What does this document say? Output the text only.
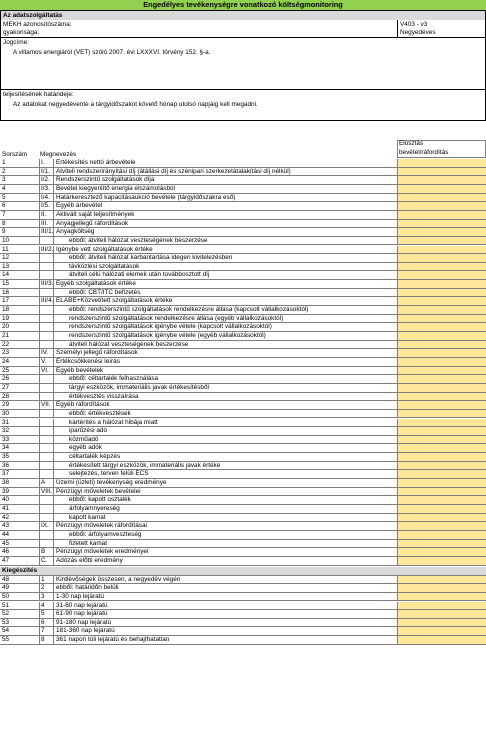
Engedélyes tevékenységre vonatkozó költségmonitoring
Az adatszolgáltatás
MEKH azonosítószáma:	V403 - v3
gyakorisága:	Negyedéves
Jogcíme:
A villamos energiáról (VET) szóló 2007. évi LXXXVI. törvény 152. §-a.
teljesítésének határideje:
Az adatokat negyedévente a tárgyidőszakot követő hónap utolsó napjáig kell megadni.
Elosztás
bevétel/ráfordítás
Sorszám Megnevezés
1	I.	Értékesítés nettó árbevétele
2	I/1. Átviteli rendszerirányítási díj (átállási díj és szénipari szerkezetátalakítási díj nélkül)
3	I/2. Rendszerszintű szolgáltatások díja
4	I/3. Bevétel kiegyenlítő energia elszámolásból
5	I/4. Határkeresztező kapacitásaukció bevétele (tárgyidőszakra eső)
6	I/5. Egyéb árbevétel
7	II.	Aktivált saját teljesítmények
8	III.	Anyagjellegű ráfordítások
9	III/1. Anyagköltség
10	ebből: átviteli hálózat veszteségének beszerzése
11	III/2. Igénybe vett szolgáltatások értéke
12	ebből: átviteli hálózat karbantartása idegen kivitelezésben
13	távközlési szolgáltatások
14	átviteli célú hálózati elemek után továbbosztott díj
15	III/3. Egyéb szolgáltatások értéke
16	ebből: CBT/ITC befizetés
17	III/4. ELÁBÉ+Közvetített szolgáltatások értéke
18	ebből: rendszerszintű szolgáltatások rendelkezésre állása (kapcsolt vállalkozásoktól)
19	rendszerszintű szolgáltatások rendelkezésre állása (egyéb vállalkozásoktól)
20	rendszerszintű szolgáltatások igénybe vétele (kapcsolt vállalkozásoktól)
21	rendszerszintű szolgáltatások igénybe vétele (egyéb vállalkozásoktól)
22	átviteli hálózat veszteségének beszerzése
23	IV.	Személyi jellegű ráfordítások
24	V.	Értékcsökkenési leírás
25	VI.	Egyéb bevételek
26	ebből: céltartalék felhasználása
27	tárgyi eszközök, immateriális javak értékesítésből
28	értékvesztés visszaírása
29	VII. Egyéb ráfordítások
30	ebből: értékvesztések
31	kártérítés a hálózat hibája miatt
32	iparűzési adó
33	közműadó
34	egyéb adók
35	céltartalék képzés
36	értékesített tárgyi eszközök, immateriális javak értéke
37	selejtezés, terven felüli ÉCS
38	A	Üzemi (üzleti) tevékenység eredménye
39	VIII. Pénzügyi műveletek bevételei
40	ebből: kapott osztalék
41	árfolyamnyereség
42	kapott kamat
43	IX.	Pénzügyi műveletek ráfordításai
44	ebből: árfolyamveszteség
45	fizetett kamat
46	B	Pénzügyi műveletek eredményei
47	C.	Adózás előtti eredmény
Kiegészítés
48	1	Kintlévőségek összesen, a negyedév végén
49	2	ebből: határidőn belüli
50	3	1-30 nap lejáratú
51	4	31-60 nap lejáratú
52	5	61-90 nap lejáratú
53	6	91-180 nap lejáratú
54	7	181-360 nap lejáratú
55	8	361 napon túli lejáratú és behajthatatlan
